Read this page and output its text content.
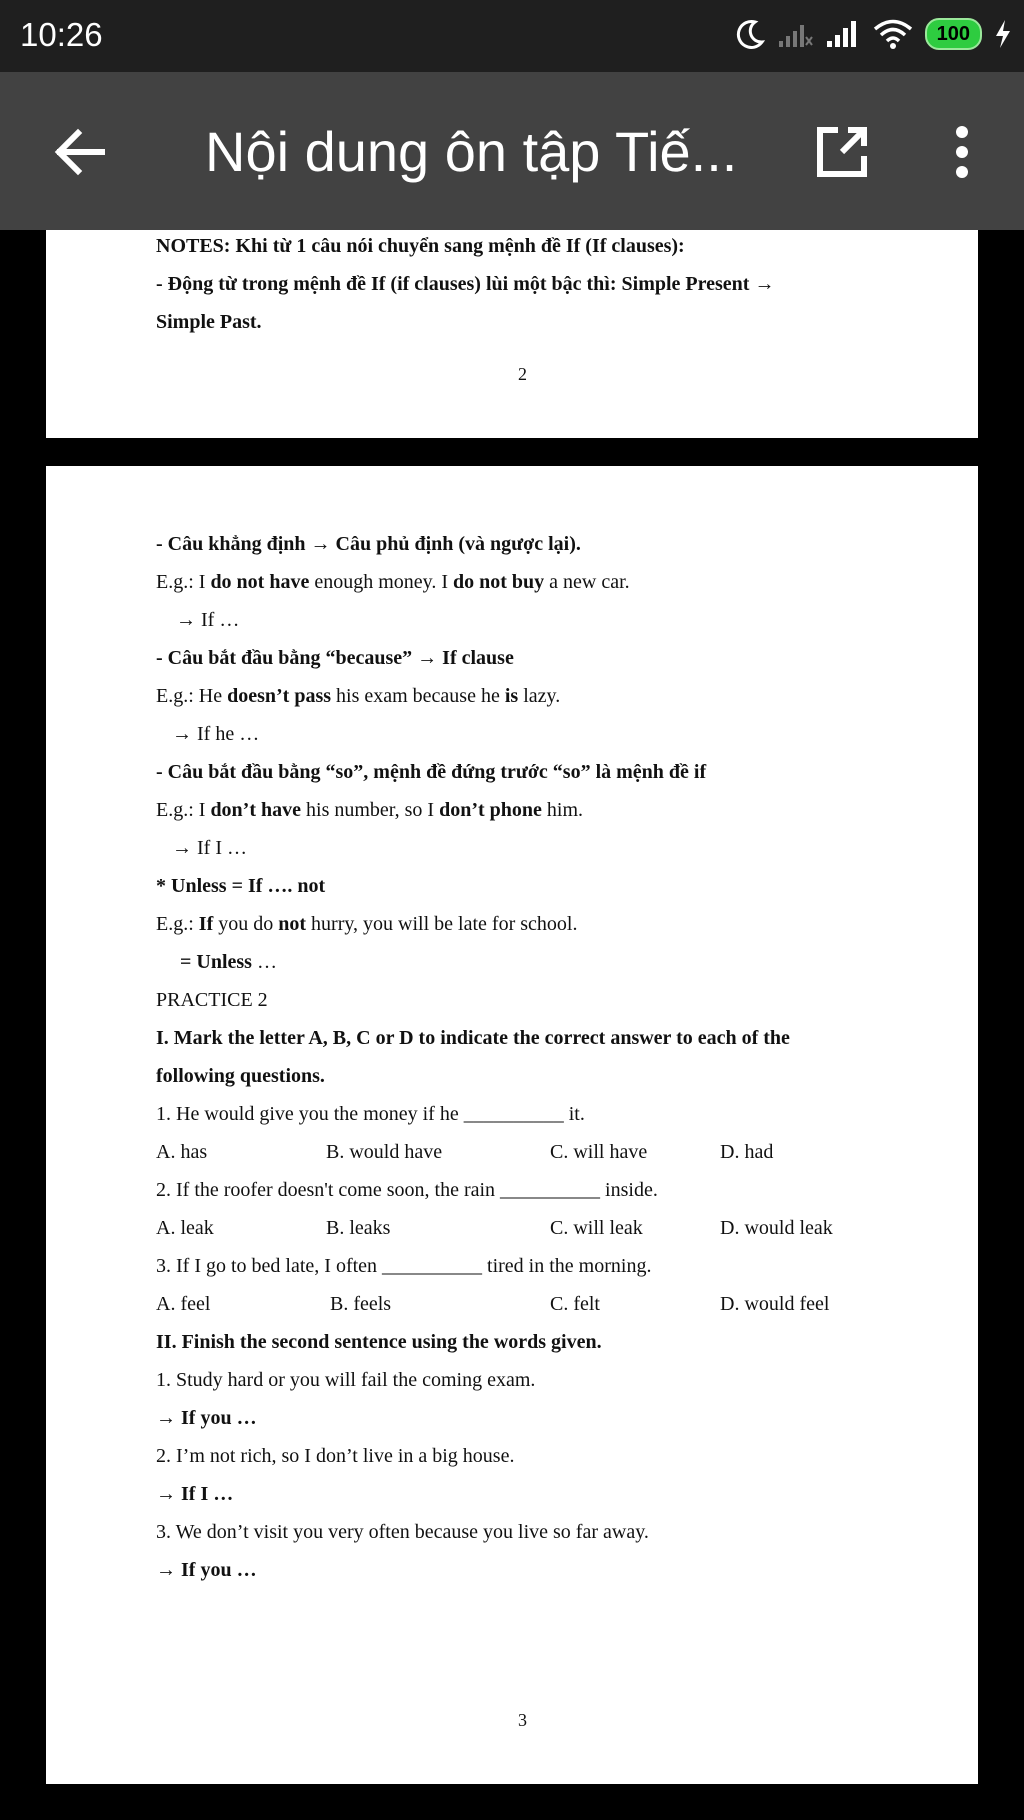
10:26	100
Nội dung ôn tập Tiế...
NOTES: Khi từ 1 câu nói chuyển sang mệnh đề If (If clauses):
- Động từ trong mệnh đề If (if clauses) lùi một bậc thì: Simple Present →
Simple Past.
2
- Câu khẳng định → Câu phủ định (và ngược lại).
E.g.: I do not have enough money. I do not buy a new car.
→ If …
- Câu bắt đầu bằng “because” → If clause
E.g.: He doesn’t pass his exam because he is lazy.
→ If he …
- Câu bắt đầu bằng “so”, mệnh đề đứng trước “so” là mệnh đề if
E.g.: I don’t have his number, so I don’t phone him.
→ If I …
* Unless = If …. not
E.g.: If you do not hurry, you will be late for school.
= Unless …
PRACTICE 2
I. Mark the letter A, B, C or D to indicate the correct answer to each of the
following questions.
1. He would give you the money if he __________ it.
A. has	B. would have	C. will have	D. had
2. If the roofer doesn't come soon, the rain __________ inside.
A. leak	B. leaks	C. will leak	D. would leak
3. If I go to bed late, I often __________ tired in the morning.
A. feel	B. feels	C. felt	D. would feel
II. Finish the second sentence using the words given.
1. Study hard or you will fail the coming exam.
→ If you …
2. I’m not rich, so I don’t live in a big house.
→ If I …
3. We don’t visit you very often because you live so far away.
→ If you …
3
